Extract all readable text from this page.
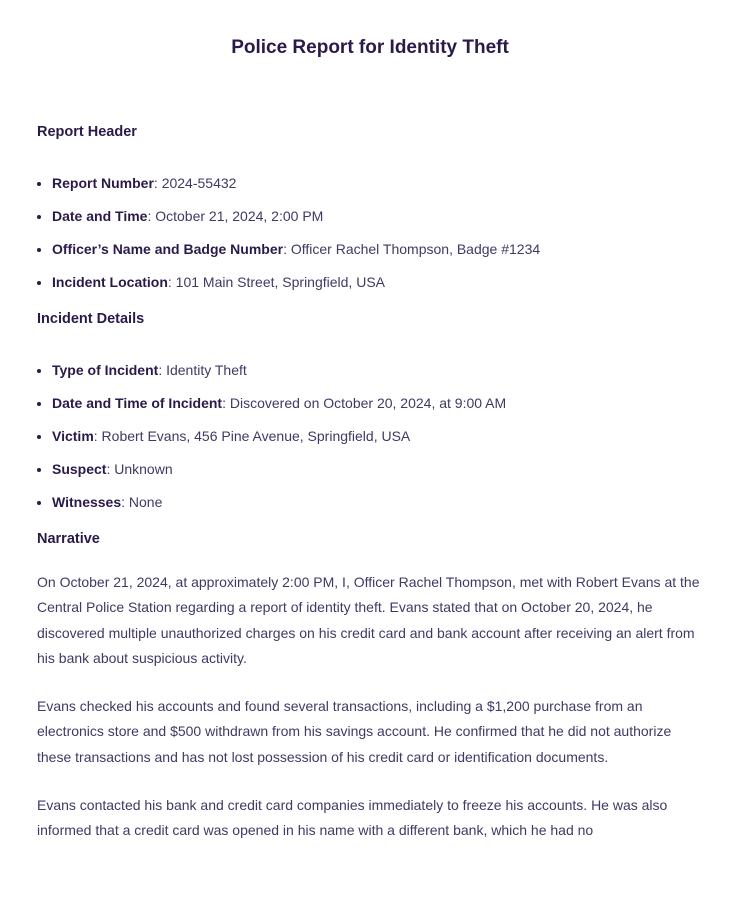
Police Report for Identity Theft
Report Header
• Report Number: 2024-55432
• Date and Time: October 21, 2024, 2:00 PM
• Officer’s Name and Badge Number: Officer Rachel Thompson, Badge #1234
• Incident Location: 101 Main Street, Springfield, USA
Incident Details
• Type of Incident: Identity Theft
• Date and Time of Incident: Discovered on October 20, 2024, at 9:00 AM
• Victim: Robert Evans, 456 Pine Avenue, Springfield, USA
• Suspect: Unknown
• Witnesses: None
Narrative

On October 21, 2024, at approximately 2:00 PM, I, Officer Rachel Thompson, met with Robert Evans at the Central Police Station regarding a report of identity theft. Evans stated that on October 20, 2024, he discovered multiple unauthorized charges on his credit card and bank account after receiving an alert from his bank about suspicious activity.

Evans checked his accounts and found several transactions, including a $1,200 purchase from an electronics store and $500 withdrawn from his savings account. He confirmed that he did not authorize these transactions and has not lost possession of his credit card or identification documents.

Evans contacted his bank and credit card companies immediately to freeze his accounts. He was also informed that a credit card was opened in his name with a different bank, which he had no
